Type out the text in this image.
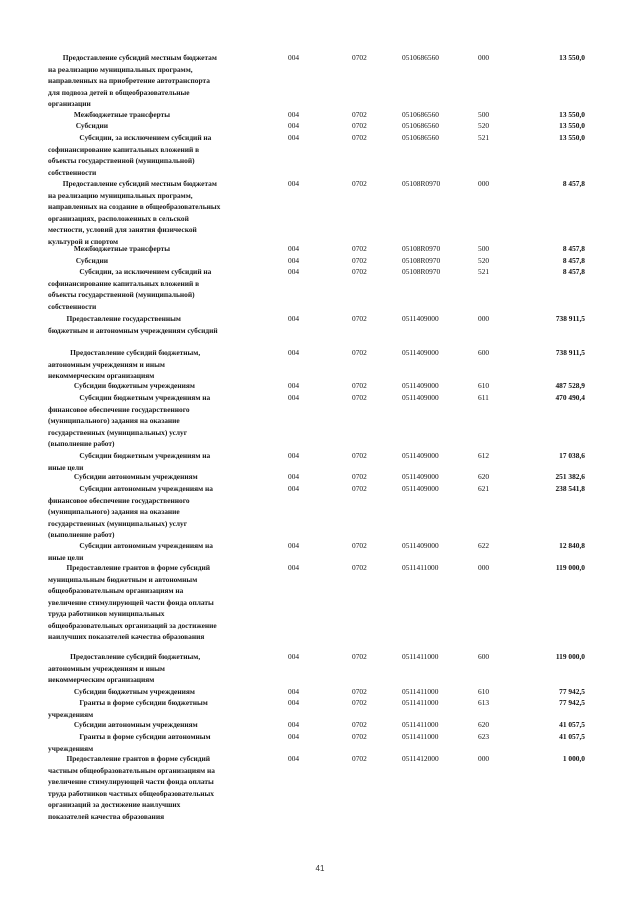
Предоставление субсидий местным бюджетам
на реализацию муниципальных программ,
направленных на приобретение автотранспорта
для подвоза детей в общеобразовательные
организации
004	0702	0510686560	000	13 550,0
Межбюджетные трансферты	004	0702	0510686560	500	13 550,0
Субсидии	004	0702	0510686560	520	13 550,0
Субсидии, за исключением субсидий на
софинансирование капитальных вложений в
объекты государственной (муниципальной)
собственности
004	0702	0510686560	521	13 550,0
Предоставление субсидий местным бюджетам
на реализацию муниципальных программ,
направленных на создание в общеобразовательных
организациях, расположенных в сельской
местности, условий для занятия физической
культурой и спортом
004	0702	05108R0970	000	8 457,8
Межбюджетные трансферты	004	0702	05108R0970	500	8 457,8
Субсидии	004	0702	05108R0970	520	8 457,8
Субсидии, за исключением субсидий на
софинансирование капитальных вложений в
объекты государственной (муниципальной)
собственности
004	0702	05108R0970	521	8 457,8
Предоставление государственным
бюджетным и автономным учреждениям субсидий
004	0702	0511409000	000	738 911,5
Предоставление субсидий бюджетным,
автономным учреждениям и иным
некоммерческим организациям
004	0702	0511409000	600	738 911,5
Субсидии бюджетным учреждениям	004	0702	0511409000	610	487 528,9
Субсидии бюджетным учреждениям на
финансовое обеспечение государственного
(муниципального) задания на оказание
государственных (муниципальных) услуг
(выполнение работ)
004	0702	0511409000	611	470 490,4
Субсидии бюджетным учреждениям на
иные цели
004	0702	0511409000	612	17 038,6
Субсидии автономным учреждениям	004	0702	0511409000	620	251 382,6
Субсидии автономным учреждениям на
финансовое обеспечение государственного
(муниципального) задания на оказание
государственных (муниципальных) услуг
(выполнение работ)
004	0702	0511409000	621	238 541,8
Субсидии автономным учреждениям на
иные цели
004	0702	0511409000	622	12 840,8
Предоставление грантов в форме субсидий
муниципальным бюджетным и автономным
общеобразовательным организациям на
увеличение стимулирующей части фонда оплаты
труда работников муниципальных
общеобразовательных организаций за достижение
наилучших показателей качества образования
004	0702	0511411000	000	119 000,0
Предоставление субсидий бюджетным,
автономным учреждениям и иным
некоммерческим организациям
004	0702	0511411000	600	119 000,0
Субсидии бюджетным учреждениям	004	0702	0511411000	610	77 942,5
Гранты в форме субсидии бюджетным
учреждениям
004	0702	0511411000	613	77 942,5
Субсидии автономным учреждениям	004	0702	0511411000	620	41 057,5
Гранты в форме субсидии автономным
учреждениям
004	0702	0511411000	623	41 057,5
Предоставление грантов в форме субсидий
частным общеобразовательным организациям на
увеличение стимулирующей части фонда оплаты
труда работников частных общеобразовательных
организаций за достижение наилучших
показателей качества образования
004	0702	0511412000	000	1 000,0
41
